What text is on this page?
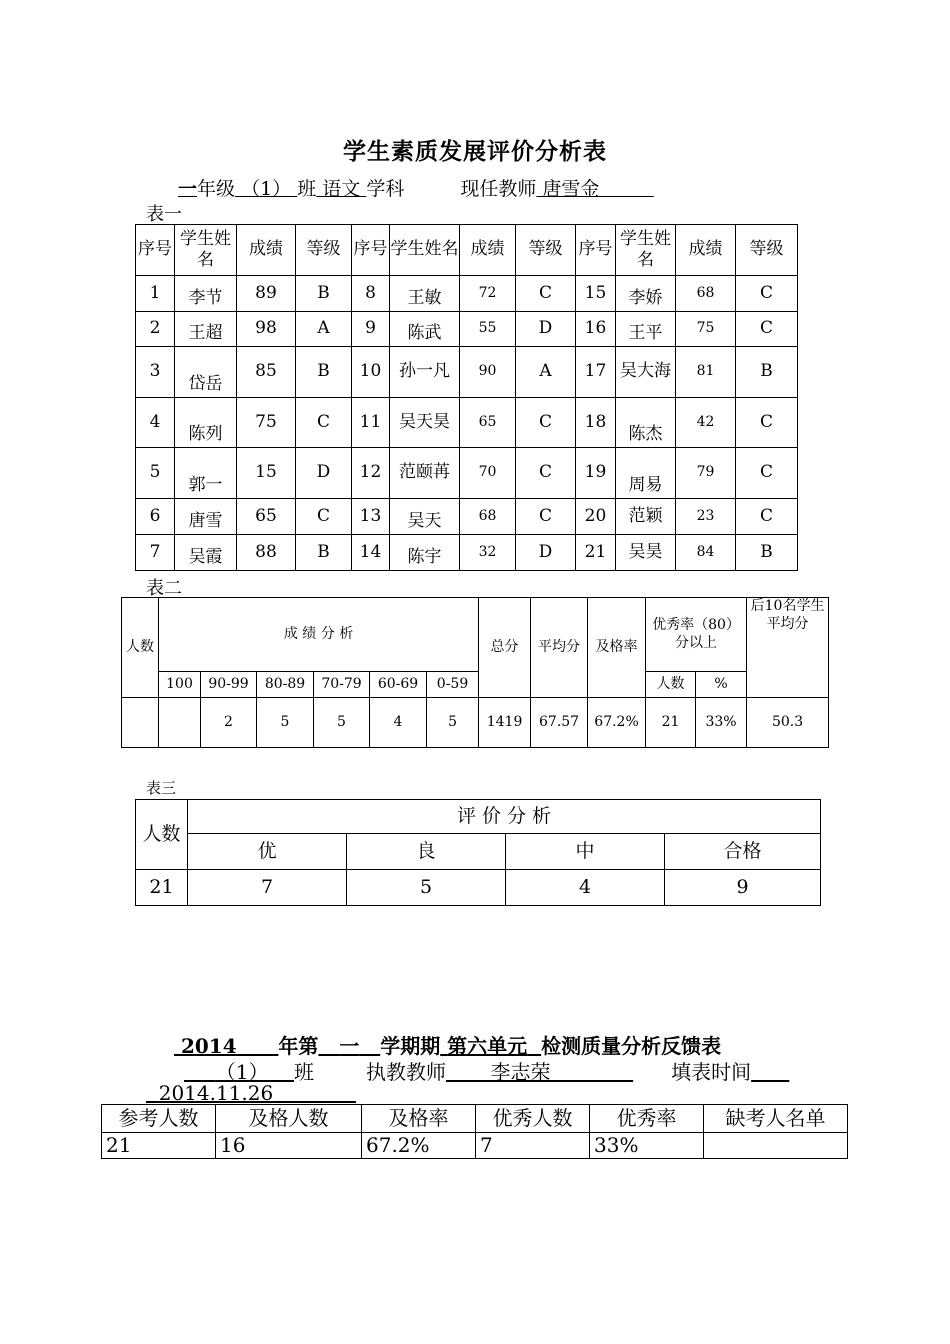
学生素质发展评价分析表
一年级 （1） 班 语文 学科	现任教师 唐雪金
表一
序号	学生姓名	成绩	等级	序号	学生姓名	成绩	等级	序号	学生姓名	成绩	等级
1	李节	89	B	8	王敏	72	C	15	李娇	68	C
2	王超	98	A	9	陈武	55	D	16	王平	75	C
3	岱岳	85	B	10	孙一凡	90	A	17	吴大海	81	B
4	陈列	75	C	11	吴天昊	65	C	18	陈杰	42	C
5	郭一	15	D	12	范颐苒	70	C	19	周易	79	C
6	唐雪	65	C	13	吴天	68	C	20	范颖	23	C
7	吴霞	88	B	14	陈宇	32	D	21	吴昊	84	B
表二
人数	成 绩 分 析						总分	平均分	及格率	优秀率（80）分以上		后10名学生平均分
	100	90-99	80-89	70-79	60-69	0-59				人数	%	
		2	5	5	4	5	1419	67.57	67.2%	21	33%	50.3
表三
人数	评 价 分 析			
	优	良	中	合格
21	7	5	4	9
2014 年第 一 学期期 第六单元 检测质量分析反馈表
（1） 班	执教教师 李志荣	填表时间
2014.11.26
参考人数	及格人数	及格率	优秀人数	优秀率	缺考人名单
21	16	67.2%	7	33%	
